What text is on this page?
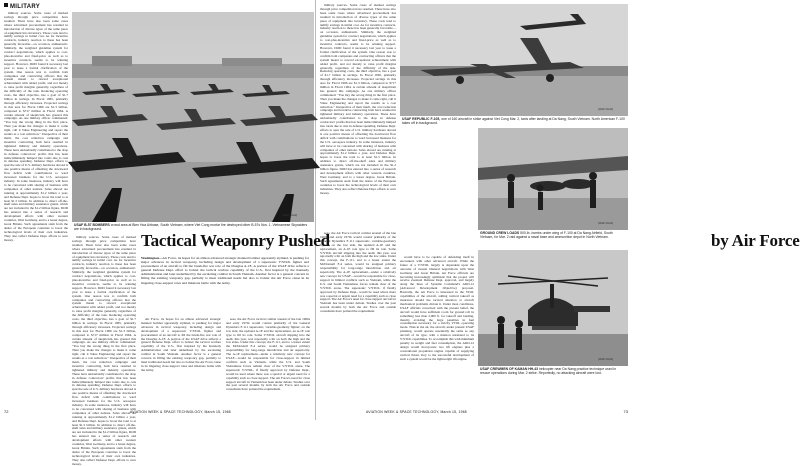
MILITARY

military sources. Some cases of marked savings through price competition have resulted. There have also been some cases where advertised procurement has resulted in introduction of diverse types of the same piece of equipment into inventory. These costs tend to nullify savings in initial cost. As for incentive contracts, industry reaction to these has been generally favorable—on occasion, enthusiastic. Similarly, the weighted guideline system for contract negotiations, which applies to cost-plus-incentive and fixed-price as well as to incentive contracts, seems to be winning support. However, DOD found it necessary last year to issue a formal clarification of the system. One reason was to confirm both companies and contracting officers that the system meant to reward exceptional achievement with added profit, and not merely to raise profit margins generally, regardless of the difficulty of the task. Reducing operating costs, the third objective, has a goal of $1.7 billion in savings. In Fiscal 1965, primarily through efficiency increases. Projected savings in this area for Fiscal 1966 are $1.3 billion, compared to $717 million in Fiscal 1964. A certain amount of skepticism has greeted this campaign. As one military officer commented: "You buy the wrong thing in the first place. Then you make the changes to make it come right, call it Value Engineering and report the results as a cost reduction." Irrespective of their merit, the cost reduction campaign and incentive contracting both have resulted in tightened military and industry operations. These have undoubtedly contributed to the drop in defense contractors' profits that has been indiscriminately lumped into totals due to cuts in defense spending. Defense Dept. efforts to spur the sale of U.S. military hardware abroad is one positive means of offsetting the downward flow deficit with contributions to ward increased business for the U.S. aerospace industry. In some instances, industry will have to be concerned with sharing of business with companies of other nations. Sales abroad are running at approximately $1.2 billion a year, and Defense Dept. hopes to boost the total to at least $1.5 billion. In addition to direct off-the-shelf sales and military assistance grants, which are not included in the $1.2 billion figure, DOD has entered into a series of research and development efforts with other western countries, West Germany, and to a lesser degree, Great Britain. Such agreements stem from the desire of the European countries to boost the technological levels of their own industries. They also reflect Defense Dept. efforts to save money.

USAF B-57 BOMBERS crowd area at Bien Hoa Airbase, South Vietnam, where Viet Cong mortar fire destroyed other B-57s Nov. 1. Vietnamese Skyraiders are in background.
(Wide World)

military sources. Some cases of marked savings through price competition have resulted. There have also been some cases where advertised procurement has resulted in introduction of diverse types of the same piece of equipment into inventory. These costs tend to nullify savings in initial cost. As for incentive contracts, industry reaction to these has been generally favorable—on occasion, enthusiastic. Similarly, the weighted guideline system for contract negotiations, which applies to cost-plus-incentive and fixed-price as well as to incentive contracts, seems to be winning support. However, DOD found it necessary last year to issue a formal clarification of the system. One reason was to confirm both companies and contracting officers that the system meant to reward exceptional achievement with added profit, and not merely to raise profit margins generally, regardless of the difficulty of the task. Reducing operating costs, the third objective, has a goal of $1.7 billion in savings. In Fiscal 1965, primarily through efficiency increases. Projected savings in this area for Fiscal 1966 are $1.3 billion, compared to $717 million in Fiscal 1964. A certain amount of skepticism has greeted this campaign. As one military officer commented: "You buy the wrong thing in the first place. Then you make the changes to make it come right, call it Value Engineering and report the results as a cost reduction." Irrespective of their merit, the cost reduction campaign and incentive contracting both have resulted in tightened military and industry operations. These have undoubtedly contributed to the drop in defense contractors' profits that has been indiscriminately lumped into totals due to cuts in defense spending. Defense Dept. efforts to spur the sale of U.S. military hardware abroad is one positive means of offsetting the downward flow deficit with contributions to ward increased business for the U.S. aerospace industry. In some instances, industry will have to be concerned with sharing of business with companies of other nations. Sales abroad are running at approximately $1.2 billion a year, and Defense Dept. hopes to boost the total to at least $1.5 billion. In addition to direct off-the-shelf sales and military assistance grants, which are not included in the $1.2 billion figure, DOD has entered into a series of research and development efforts with other western countries, West Germany, and to a lesser degree, Great Britain. Such agreements stem from the desire of the European countries to boost the technological levels of their own industries. They also reflect Defense Dept. efforts to save money.

Tactical Weaponry Pushed
Washington—Air Force, its hopes for an allison advanced strategic manned bomber apparently stymied, is pushing for major advances in tactical weaponry, including design and development of a supersonic V/STOL fighter and procurement of an aircraft to fill the brush-fire war role of the Douglas A-1E. A portion of the USAF drive reflects a general Defense Dept. effort to bolster the tactical warfare capability of the U.S., first inspired by the Kennedy Administration and later underlined by the escalating combat in South Vietnam. Another factor is a general concern in filling the existing weaponry gap, partially to meet traditional needs but also to bolster the Air Force cause in its lingering close-support roles and missions battle with the Army.

Air Force, its hopes for an allison advanced strategic manned bomber apparently stymied, is pushing for major advances in tactical weaponry, including design and development of a supersonic V/STOL fighter and procurement of an aircraft to fill the brush-fire war role of the Douglas A-1E. A portion of the USAF drive reflects a general Defense Dept. effort to bolster the tactical warfare capability of the U.S., first inspired by the Kennedy Administration and later underlined by the escalating combat in South Vietnam. Another factor is a general concern in filling the existing weaponry gap, partially to meet traditional needs but also to bolster the Air Force cause in its lingering close-support roles and missions battle with the Army.

sees, the Air Force tactical combat arsenal of the late 1960s and early 1970s would consist primarily of the General Dynamics F-111 supersonic, variable-geometry fighter; on the low side, the updated A-1E and the replacement, an A-1E role type to fill its role. Some V/STOL aircraft slipping into the audit, this year, was reportedly a hit on both the high and the low sides. Under this concept, the F-111, and to a lesser extent the McDonnell F-4 series, would be assigned primary responsibility for long-range interdiction and air superiority. The A-1E replacement—under a relatively new concept for USAF—would be responsible for close-support in limited conflicts such as Vietnam, while the U.S. and South Vietnamese forces remain clear of the V/STOL arena. The supersonic V/STOL, if finally approved by Defense Dept., would be used where there was a special or urgent need for a capability such as close support. The Air Force's need for close support aircraft in Vietnam has been under debate. Studies over the past several months by both the Air Force and outside consultants have pointed the requirement.

72	AVIATION WEEK & SPACE TECHNOLOGY, March 15, 1965
USAF REPUBLIC F-105, one of 160 aircraft in strike against Viet Cong Mar. 2, taxis after landing at Da Nang, South Vietnam. North American F-100 takes off in background.
(Wide World)

military sources. Some cases of marked savings through price competition have resulted. There have also been some cases where advertised procurement has resulted in introduction of diverse types of the same piece of equipment into inventory. These costs tend to nullify savings in initial cost. As for incentive contracts, industry reaction to these has been generally favorable—on occasion, enthusiastic. Similarly, the weighted guideline system for contract negotiations, which applies to cost-plus-incentive and fixed-price as well as to incentive contracts, seems to be winning support. However, DOD found it necessary last year to issue a formal clarification of the system. One reason was to confirm both companies and contracting officers that the system meant to reward exceptional achievement with added profit, and not merely to raise profit margins generally, regardless of the difficulty of the task. Reducing operating costs, the third objective, has a goal of $1.7 billion in savings. In Fiscal 1965, primarily through efficiency increases. Projected savings in this area for Fiscal 1966 are $1.3 billion, compared to $717 million in Fiscal 1964. A certain amount of skepticism has greeted this campaign. As one military officer commented: "You buy the wrong thing in the first place. Then you make the changes to make it come right, call it Value Engineering and report the results as a cost reduction." Irrespective of their merit, the cost reduction campaign and incentive contracting both have resulted in tightened military and industry operations. These have undoubtedly contributed to the drop in defense contractors' profits that has been indiscriminately lumped into totals due to cuts in defense spending. Defense Dept. efforts to spur the sale of U.S. military hardware abroad is one positive means of offsetting the downward flow deficit with contributions to ward increased business for the U.S. aerospace industry. In some instances, industry will have to be concerned with sharing of business with companies of other nations. Sales abroad are running at approximately $1.2 billion a year, and Defense Dept. hopes to boost the total to at least $1.5 billion. In addition to direct off-the-shelf sales and military assistance grants, which are not included in the $1.2 billion figure, DOD has entered into a series of research and development efforts with other western countries, West Germany, and to a lesser degree, Great Britain. Such agreements stem from the desire of the European countries to boost the technological levels of their own industries. They also reflect Defense Dept. efforts to save money.

by Air Force

sees, the Air Force tactical combat arsenal of the late 1960s and early 1970s would consist primarily of the General Dynamics F-111 supersonic, variable-geometry fighter; on the low side, the updated A-1E and the replacement, an A-1E role type to fill its role. Some V/STOL aircraft slipping into the audit, this year, was reportedly a hit on both the high and the low sides. Under this concept, the F-111, and to a lesser extent the McDonnell F-4 series, would be assigned primary responsibility for long-range interdiction and air superiority. The A-1E replacement—under a relatively new concept for USAF—would be responsible for close-support in limited conflicts such as Vietnam, while the U.S. and South Vietnamese forces remain clear of the V/STOL arena. The supersonic V/STOL, if finally approved by Defense Dept., would be used where there was a special or urgent need for a capability such as close support. The Air Force's need for close support aircraft in Vietnam has been under debate. Studies over the past several months by both the Air Force and outside consultants have pointed the requirement.

would have to be capable of defending itself in encounters with other advanced aircraft. While the future of a V/STOL largely is dependent upon the outcome of current bilateral negotiations with West Germany and Great Britain, Air Force officials are becoming increasingly optimistic that the project will receive eventual Defense Dept. approval, and largely along the lines of Systems Command's ADO-12 (Advanced Development Objective) proposal. Basically, the Air Force is interested in the STOL capabilities of the aircraft, adding vertical takeoff as insurance should the tactical situation or aircraft mechanical problems dictate it. Under most conditions, USAF officials conceived with the present belief, the aircraft would have sufficient room for ground roll in something less than 2,000 ft. for takeoff and landing, thereby avoiding the large penalties in fuel consumption necessary for a strictly VTOL operating mode. Thus in the air, the aircraft, under present USAF planning, would operate essentially the same as any aircraft of its type, with a mission unrelated to its V/STOL capabilities. To accomplish this with minimum penalty in weight and fuel consumption, the ADO-12 design would incorporate two lift engines plus a conventional propulsion engine capable of supplying vertical thrust. Key to the successful development of such a system would be the lightweight lift engine.

GROUND CREW LOADS 500-lb. bombs under wing of F-100 at Da Nang Airfield, South Vietnam, for Mar. 2 raid against a naval base and ammunition depot in North Vietnam.
(Wide World)
USAF CREWMEN OF KAMAN HH-43 helicopter near Da Nang practice technique used in rescue operations during Mar. 2 strike. Reportedly, no attacking aircraft were lost.
(Wide World)
AVIATION WEEK & SPACE TECHNOLOGY, March 15, 1965	73
